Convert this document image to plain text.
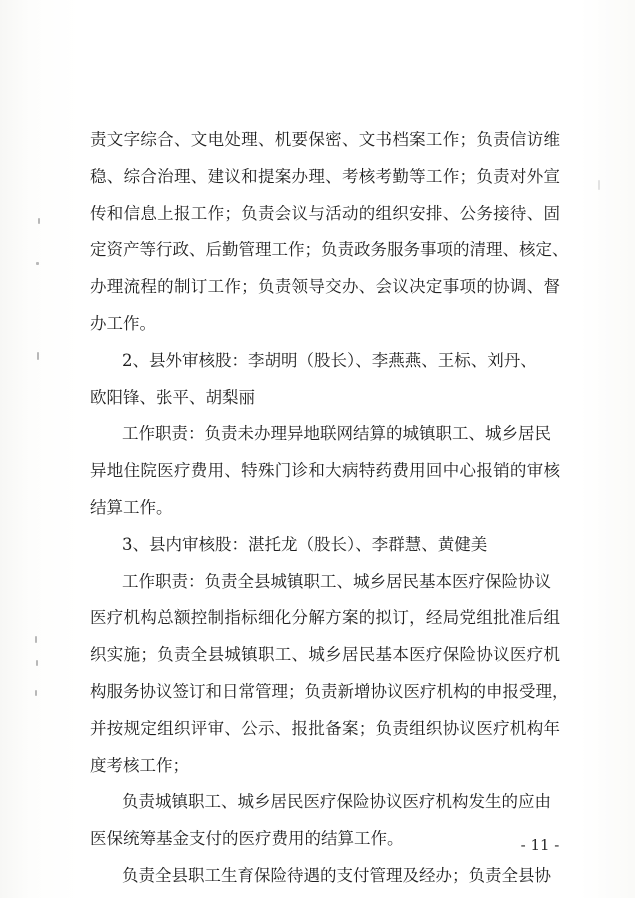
责文字综合、文电处理、机要保密、文书档案工作；负责信访维
稳、综合治理、建议和提案办理、考核考勤等工作；负责对外宣
传和信息上报工作；负责会议与活动的组织安排、公务接待、固
定资产等行政、后勤管理工作；负责政务服务事项的清理、核定、
办理流程的制订工作；负责领导交办、会议决定事项的协调、督
办工作。
2、县外审核股：李胡明（股长）、李燕燕、王标、刘丹、
欧阳锋、张平、胡梨丽
工作职责：负责未办理异地联网结算的城镇职工、城乡居民
异地住院医疗费用、特殊门诊和大病特药费用回中心报销的审核
结算工作。
3、县内审核股：湛托龙（股长）、李群慧、黄健美
工作职责：负责全县城镇职工、城乡居民基本医疗保险协议
医疗机构总额控制指标细化分解方案的拟订，经局党组批准后组
织实施；负责全县城镇职工、城乡居民基本医疗保险协议医疗机
构服务协议签订和日常管理；负责新增协议医疗机构的申报受理，
并按规定组织评审、公示、报批备案；负责组织协议医疗机构年
度考核工作；
负责城镇职工、城乡居民医疗保险协议医疗机构发生的应由
医保统筹基金支付的医疗费用的结算工作。
负责全县职工生育保险待遇的支付管理及经办；负责全县协
- 11 -
